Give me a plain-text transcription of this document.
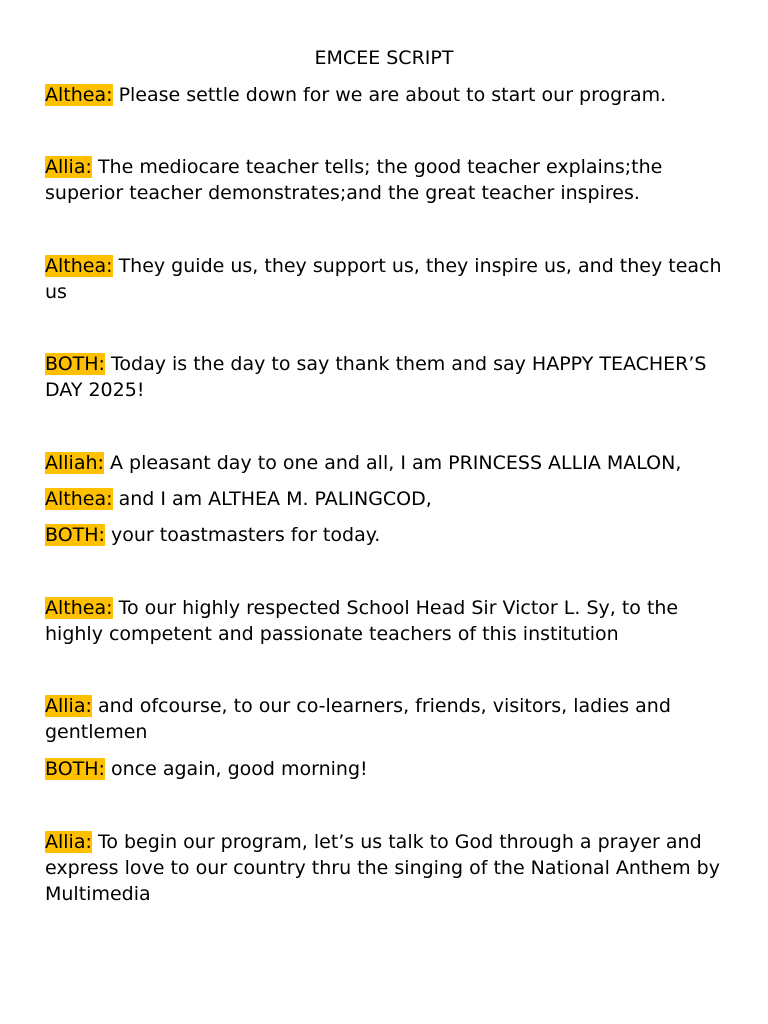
EMCEE SCRIPT
Althea: Please settle down for we are about to start our program.
Allia: The mediocare teacher tells; the good teacher explains;the superior teacher demonstrates;and the great teacher inspires.
Althea: They guide us, they support us, they inspire us, and they teach us
BOTH: Today is the day to say thank them and say HAPPY TEACHER’S DAY 2025!
Alliah: A pleasant day to one and all, I am PRINCESS ALLIA MALON,
Althea: and I am ALTHEA M. PALINGCOD,
BOTH: your toastmasters for today.
Althea: To our highly respected School Head Sir Victor L. Sy, to the highly competent and passionate teachers of this institution
Allia: and ofcourse, to our co-learners, friends, visitors, ladies and gentlemen
BOTH: once again, good morning!
Allia: To begin our program, let’s us talk to God through a prayer and express love to our country thru the singing of the National Anthem by Multimedia
